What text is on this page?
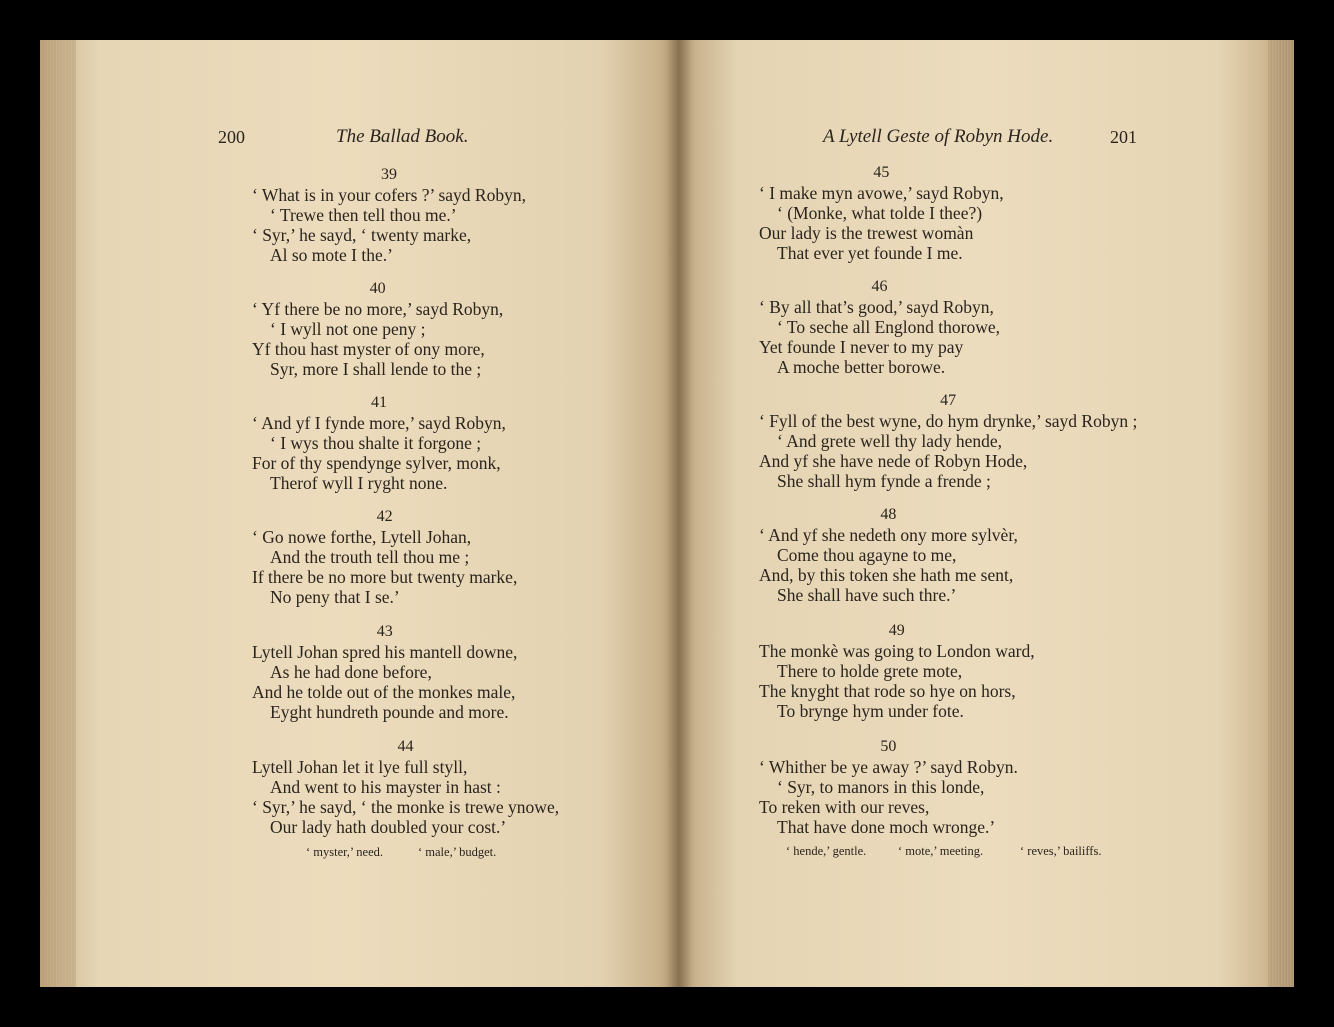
200	The Ballad Book.
39
‘ What is in your cofers ?’ sayd Robyn,
‘ Trewe then tell thou me.’
‘ Syr,’ he sayd, ‘ twenty marke,
Al so mote I the.’
40
‘ Yf there be no more,’ sayd Robyn,
‘ I wyll not one peny ;
Yf thou hast myster of ony more,
Syr, more I shall lende to the ;
41
‘ And yf I fynde more,’ sayd Robyn,
‘ I wys thou shalte it forgone ;
For of thy spendynge sylver, monk,
Therof wyll I ryght none.
42
‘ Go nowe forthe, Lytell Johan,
And the trouth tell thou me ;
If there be no more but twenty marke,
No peny that I se.’
43
Lytell Johan spred his mantell downe,
As he had done before,
And he tolde out of the monkes male,
Eyght hundreth pounde and more.
44
Lytell Johan let it lye full styll,
And went to his mayster in hast :
‘ Syr,’ he sayd, ‘ the monke is trewe ynowe,
Our lady hath doubled your cost.’
‘ myster,’ need.	‘ male,’ budget.
A Lytell Geste of Robyn Hode.	201
45
‘ I make myn avowe,’ sayd Robyn,
‘ (Monke, what tolde I thee?)
Our lady is the trewest womàn
That ever yet founde I me.
46
‘ By all that’s good,’ sayd Robyn,
‘ To seche all Englond thorowe,
Yet founde I never to my pay
A moche better borowe.
47
‘ Fyll of the best wyne, do hym drynke,’ sayd Robyn ;
‘ And grete well thy lady hende,
And yf she have nede of Robyn Hode,
She shall hym fynde a frende ;
48
‘ And yf she nedeth ony more sylvèr,
Come thou agayne to me,
And, by this token she hath me sent,
She shall have such thre.’
49
The monkè was going to London ward,
There to holde grete mote,
The knyght that rode so hye on hors,
To brynge hym under fote.
50
‘ Whither be ye away ?’ sayd Robyn.
‘ Syr, to manors in this londe,
To reken with our reves,
That have done moch wronge.’
‘ hende,’ gentle.	‘ mote,’ meeting.	‘ reves,’ bailiffs.
